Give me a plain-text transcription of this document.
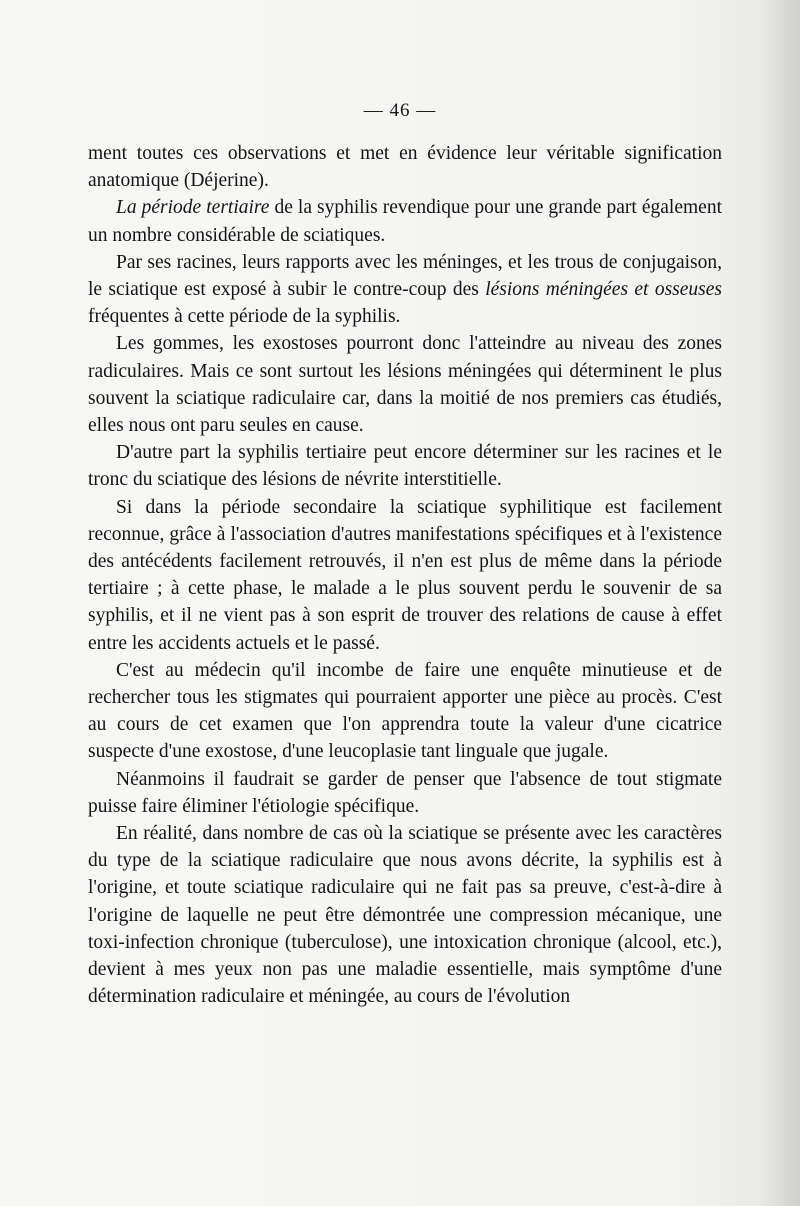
— 46 —

ment toutes ces observations et met en évidence leur véritable signification anatomique (Déjerine).

La période tertiaire de la syphilis revendique pour une grande part également un nombre considérable de sciatiques.

Par ses racines, leurs rapports avec les méninges, et les trous de conjugaison, le sciatique est exposé à subir le contre-coup des lésions méningées et osseuses fréquentes à cette période de la syphilis.

Les gommes, les exostoses pourront donc l'atteindre au niveau des zones radiculaires. Mais ce sont surtout les lésions méningées qui déterminent le plus souvent la sciatique radiculaire car, dans la moitié de nos premiers cas étudiés, elles nous ont paru seules en cause.

D'autre part la syphilis tertiaire peut encore déterminer sur les racines et le tronc du sciatique des lésions de névrite interstitielle.

Si dans la période secondaire la sciatique syphilitique est facilement reconnue, grâce à l'association d'autres manifestations spécifiques et à l'existence des antécédents facilement retrouvés, il n'en est plus de même dans la période tertiaire ; à cette phase, le malade a le plus souvent perdu le souvenir de sa syphilis, et il ne vient pas à son esprit de trouver des relations de cause à effet entre les accidents actuels et le passé.

C'est au médecin qu'il incombe de faire une enquête minutieuse et de rechercher tous les stigmates qui pourraient apporter une pièce au procès. C'est au cours de cet examen que l'on apprendra toute la valeur d'une cicatrice suspecte d'une exostose, d'une leucoplasie tant linguale que jugale.

Néanmoins il faudrait se garder de penser que l'absence de tout stigmate puisse faire éliminer l'étiologie spécifique.

En réalité, dans nombre de cas où la sciatique se présente avec les caractères du type de la sciatique radiculaire que nous avons décrite, la syphilis est à l'origine, et toute sciatique radiculaire qui ne fait pas sa preuve, c'est-à-dire à l'origine de laquelle ne peut être démontrée une compression mécanique, une toxi-infection chronique (tuberculose), une intoxication chronique (alcool, etc.), devient à mes yeux non pas une maladie essentielle, mais symptôme d'une détermination radiculaire et méningée, au cours de l'évolution
